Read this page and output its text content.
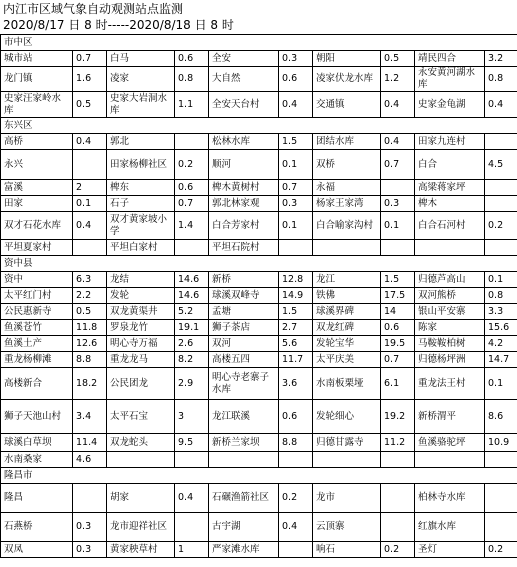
内江市区域气象自动观测站点监测
2020/8/17 日 8 时-----2020/8/18 日 8 时
市中区									
城市站	0.7	白马	0.6	全安	0.3	朝阳	0.5	靖民四合	3.2
龙门镇	1.6	凌家	0.8	大自然	0.6	凌家伏龙水库	1.2	永安黄河湖水库	0.8
史家汪家岭水库	0.5	史家大岩洞水库	1.1	全安天台村	0.4	交通镇	0.4	史家金龟湖	0.4
东兴区									
高桥	0.4	郭北		松林水库	1.5	团结水库	0.4	田家九连村	
永兴		田家杨柳社区	0.2	顺河	0.1	双桥	0.7	白合	4.5
富溪	2	椑东	0.6	椑木黄树村	0.7	永福		高梁蒋家坪	
田家	0.1	石子	0.7	郭北林家观	0.3	杨家王家湾	0.3	椑木	
双才石花水库	0.4	双才黄家坡小学	1.4	白合芳家村	0.1	白合喻家沟村	0.1	白合石河村	0.2
平坦夏家村		平坦白家村		平坦石院村					
资中县									
资中	6.3	龙结	14.6	新桥	12.8	龙江	1.5	归德芦高山	0.1
太平红门村	2.2	发轮	14.6	球溪双峰寺	14.9	铁佛	17.5	双河熊桥	0.8
公民惠新寺	0.5	双龙黄渠井	5.2	孟塘	1.5	球溪界碑	14	银山平安寨	3.3
鱼溪苍竹	11.8	罗泉龙竹	19.1	狮子茶店	2.7	双龙红碑	0.6	陈家	15.6
鱼溪土产	12.6	明心寺万福	2.6	双河	5.6	发轮宝华	19.5	马鞍鞍柏树	4.2
重龙杨柳滩	8.8	重龙龙马	8.2	高楼五四	11.7	太平庆美	0.7	归德杨坪洲	14.7
高楼新合	18.2	公民团龙	2.9	明心寺老寨子水库	3.6	水南板栗垭	6.1	重龙法王村	0.1
狮子天池山村	3.4	太平石宝	3	龙江联溪	0.6	发轮细心	19.2	新桥渭平	8.6
球溪白草坝	11.4	双龙蛇头	9.5	新桥兰家坝	8.8	归德甘露寺	11.2	鱼溪骆驼坪	10.9
水南桑家	4.6								
隆昌市									
隆昌		胡家	0.4	石碾渔箭社区	0.2	龙市		柏林寺水库	
石燕桥	0.3	龙市迎祥社区		古宇湖	0.4	云顶寨		红旗水库	
双凤	0.3	黄家秧草村	1	严家滩水库		响石	0.2	圣灯	0.2
